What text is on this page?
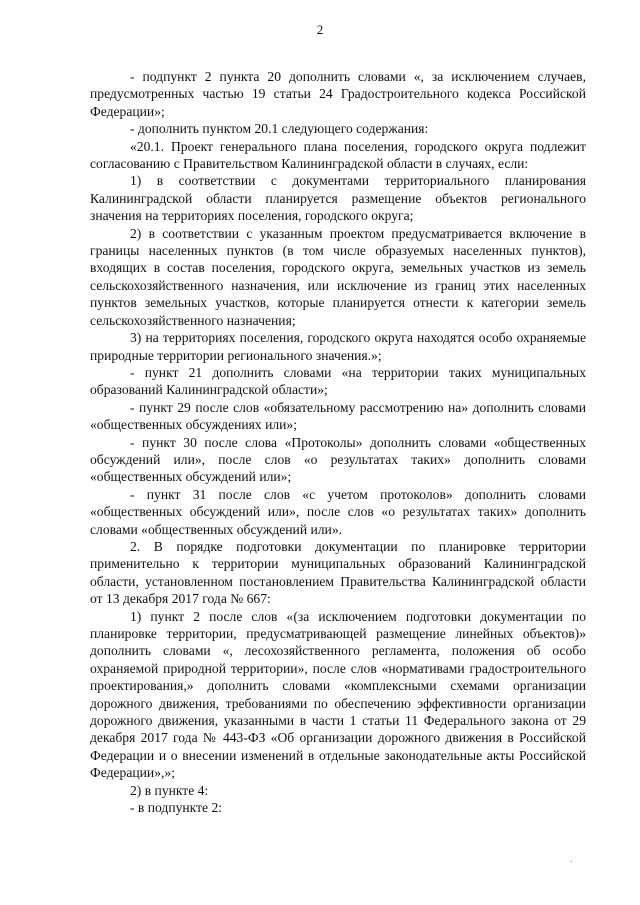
2

- подпункт 2 пункта 20 дополнить словами «, за исключением случаев, предусмотренных частью 19 статьи 24 Градостроительного кодекса Российской Федерации»;

- дополнить пунктом 20.1 следующего содержания:

«20.1. Проект генерального плана поселения, городского округа подлежит согласованию с Правительством Калининградской области в случаях, если:

1) в соответствии с документами территориального планирования Калининградской области планируется размещение объектов регионального значения на территориях поселения, городского округа;

2) в соответствии с указанным проектом предусматривается включение в границы населенных пунктов (в том числе образуемых населенных пунктов), входящих в состав поселения, городского округа, земельных участков из земель сельскохозяйственного назначения, или исключение из границ этих населенных пунктов земельных участков, которые планируется отнести к категории земель сельскохозяйственного назначения;

3) на территориях поселения, городского округа находятся особо охраняемые природные территории регионального значения.»;

- пункт 21 дополнить словами «на территории таких муниципальных образований Калининградской области»;

- пункт 29 после слов «обязательному рассмотрению на» дополнить словами «общественных обсуждениях или»;

- пункт 30 после слова «Протоколы» дополнить словами «общественных обсуждений или», после слов «о результатах таких» дополнить словами «общественных обсуждений или»;

- пункт 31 после слов «с учетом протоколов» дополнить словами «общественных обсуждений или», после слов «о результатах таких» дополнить словами «общественных обсуждений или».

2. В порядке подготовки документации по планировке территории применительно к территории муниципальных образований Калининградской области, установленном постановлением Правительства Калининградской области от 13 декабря 2017 года № 667:

1) пункт 2 после слов «(за исключением подготовки документации по планировке территории, предусматривающей размещение линейных объектов)» дополнить словами «, лесохозяйственного регламента, положения об особо охраняемой природной территории», после слов «нормативами градостроительного проектирования,» дополнить словами «комплексными схемами организации дорожного движения, требованиями по обеспечению эффективности организации дорожного движения, указанными в части 1 статьи 11 Федерального закона от 29 декабря 2017 года № 443-ФЗ «Об организации дорожного движения в Российской Федерации и о внесении изменений в отдельные законодательные акты Российской Федерации»,»;

2) в пункте 4:

- в подпункте 2:

.
